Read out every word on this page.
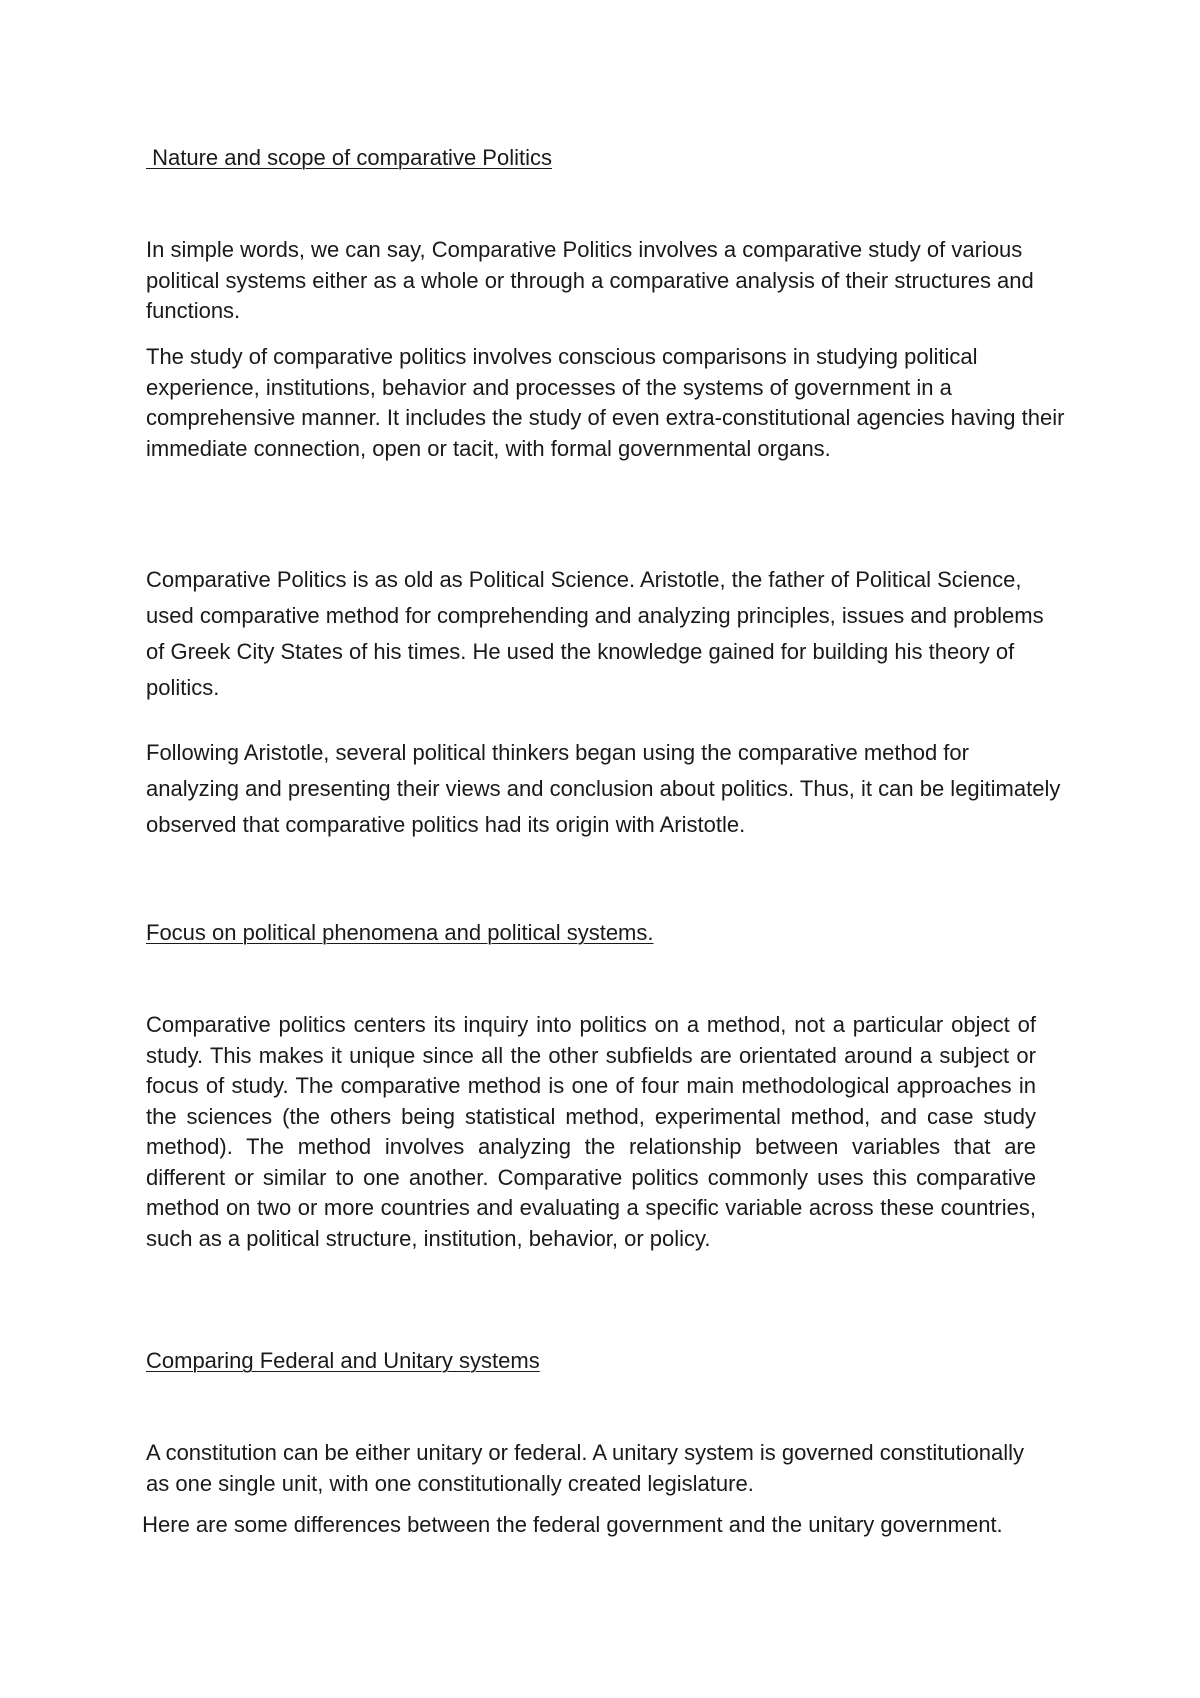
Nature and scope of comparative Politics

In simple words, we can say, Comparative Politics involves a comparative study of various political systems either as a whole or through a comparative analysis of their structures and functions.

The study of comparative politics involves conscious comparisons in studying political experience, institutions, behavior and processes of the systems of government in a comprehensive manner. It includes the study of even extra-constitutional agencies having their immediate connection, open or tacit, with formal governmental organs.

Comparative Politics is as old as Political Science. Aristotle, the father of Political Science, used comparative method for comprehending and analyzing principles, issues and problems of Greek City States of his times. He used the knowledge gained for building his theory of politics.

Following Aristotle, several political thinkers began using the comparative method for analyzing and presenting their views and conclusion about politics. Thus, it can be legitimately observed that comparative politics had its origin with Aristotle.

Focus on political phenomena and political systems.

Comparative politics centers its inquiry into politics on a method, not a particular object of study. This makes it unique since all the other subfields are orientated around a subject or focus of study. The comparative method is one of four main methodological approaches in the sciences (the others being statistical method, experimental method, and case study method). The method involves analyzing the relationship between variables that are different or similar to one another. Comparative politics commonly uses this comparative method on two or more countries and evaluating a specific variable across these countries, such as a political structure, institution, behavior, or policy.

Comparing Federal and Unitary systems

A constitution can be either unitary or federal. A unitary system is governed constitutionally as one single unit, with one constitutionally created legislature.

Here are some differences between the federal government and the unitary government.
